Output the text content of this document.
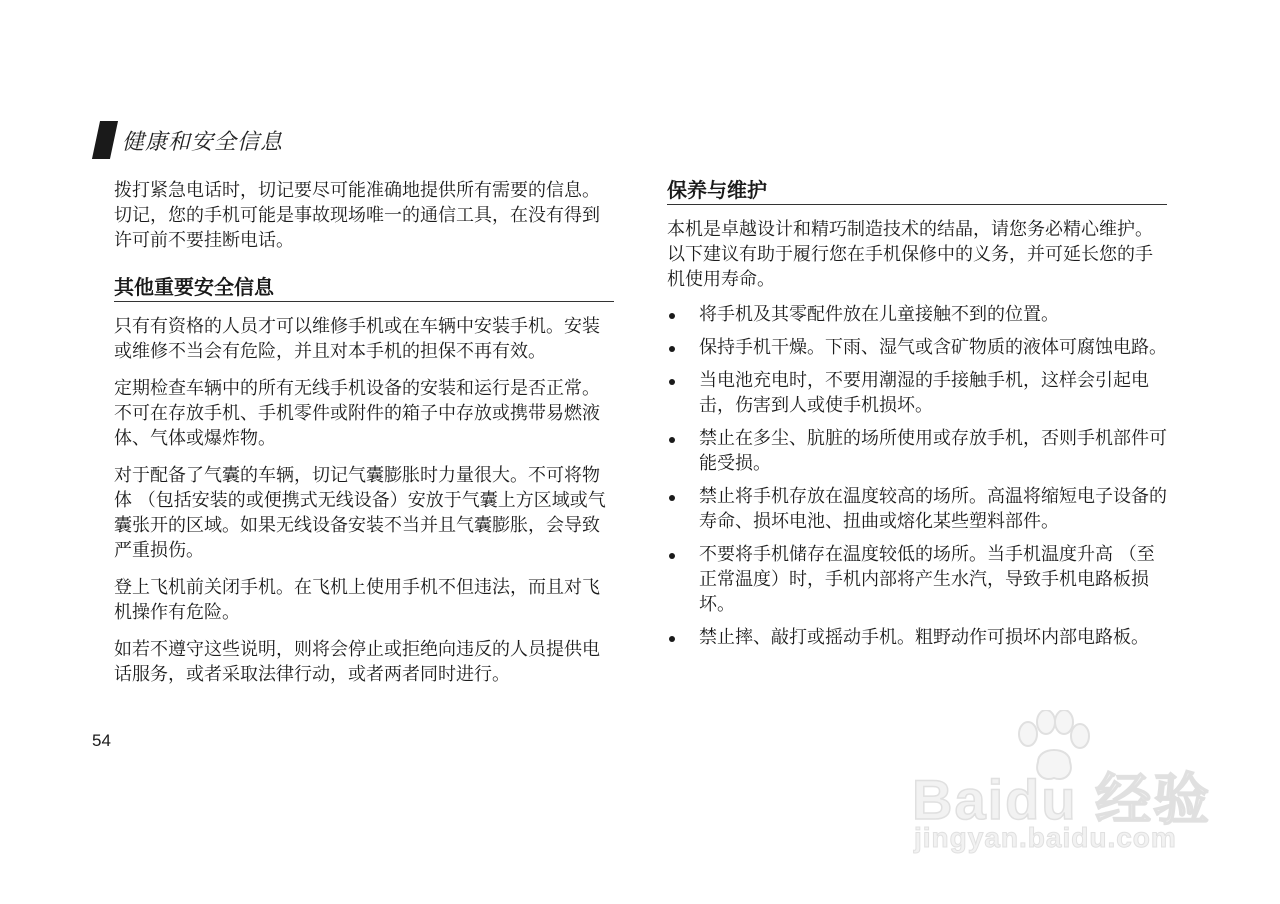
健康和安全信息

拨打紧急电话时，切记要尽可能准确地提供所有需要的信息。切记，您的手机可能是事故现场唯一的通信工具，在没有得到许可前不要挂断电话。

其他重要安全信息

只有有资格的人员才可以维修手机或在车辆中安装手机。安装或维修不当会有危险，并且对本手机的担保不再有效。

定期检查车辆中的所有无线手机设备的安装和运行是否正常。不可在存放手机、手机零件或附件的箱子中存放或携带易燃液体、气体或爆炸物。

对于配备了气囊的车辆，切记气囊膨胀时力量很大。不可将物体 （包括安装的或便携式无线设备）安放于气囊上方区域或气囊张开的区域。如果无线设备安装不当并且气囊膨胀，会导致严重损伤。

登上飞机前关闭手机。在飞机上使用手机不但违法，而且对飞机操作有危险。

如若不遵守这些说明，则将会停止或拒绝向违反的人员提供电话服务，或者采取法律行动，或者两者同时进行。

保养与维护

本机是卓越设计和精巧制造技术的结晶，请您务必精心维护。以下建议有助于履行您在手机保修中的义务，并可延长您的手机使用寿命。

将手机及其零配件放在儿童接触不到的位置。
保持手机干燥。下雨、湿气或含矿物质的液体可腐蚀电路。
当电池充电时，不要用潮湿的手接触手机，这样会引起电击，伤害到人或使手机损坏。
禁止在多尘、肮脏的场所使用或存放手机，否则手机部件可能受损。
禁止将手机存放在温度较高的场所。高温将缩短电子设备的寿命、损坏电池、扭曲或熔化某些塑料部件。
不要将手机储存在温度较低的场所。当手机温度升高 （至正常温度）时，手机内部将产生水汽，导致手机电路板损坏。
禁止摔、敲打或摇动手机。粗野动作可损坏内部电路板。
54
Baidu 经验
jingyan.baidu.com
